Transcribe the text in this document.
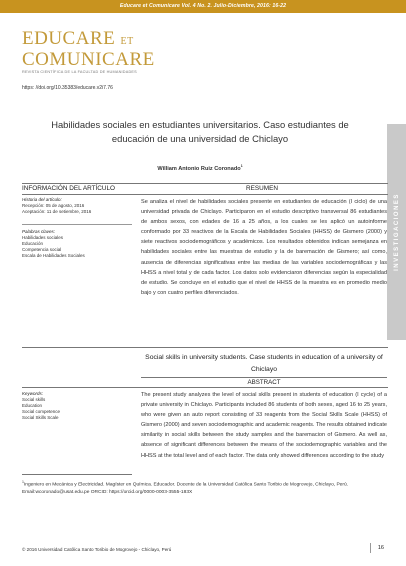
Educare et Comunicare Vol. 4 No. 2. Julio-Diciembre, 2016: 16-22
EDUCARE ET
COMUNICARE
REVISTA CIENTÍFICA DE LA FACULTAD DE HUMANIDADES
https: //doi.org/10.35383/educare.v2i7.76
Habilidades sociales en estudiantes universitarios. Caso estudiantes de educación de una universidad de Chiclayo
William Antonio Ruiz Coronado$^1$
INVESTIGACIONES
INFORMACIÓN DEL ARTÍCULO	RESUMEN
Historia del artículo:
Recepción: 05 de agosto, 2016
Aceptación: 11 de setiembre, 2016
Palabras claves:
Habilidades sociales
Educación
Competencia social
Escala de Habilidades Sociales
Se analiza el nivel de habilidades sociales presente en estudiantes de educación (I ciclo) de una universidad privada de Chiclayo. Participaron en el estudio descriptivo transversal 86 estudiantes de ambos sexos, con edades de 16 a 25 años, a los cuales se les aplicó un autoinforme conformado por 33 reactivos de la Escala de Habilidades Sociales (HHSS) de Gismero (2000) y siete reactivos sociodemográficos y académicos. Los resultados obtenidos indican semejanza en habilidades sociales entre las muestras de estudio y la de baremación de Gismero; así como, ausencia de diferencias significativas entre las medias de las variables sociodemográficas y las HHSS a nivel total y de cada factor. Los datos solo evidenciaron diferencias según la especialidad de estudio. Se concluye en el estudio que el nivel de HHSS de la muestra es en promedio medio bajo y con cuatro perfiles diferenciados.
Social skills in university students. Case students in education of a university of Chiclayo
ABSTRACT
Keywords:
Social skills
Education
Social competence
Social Skills Scale
The present study analyzes the level of social skills present in students of education (I cycle) of a private university in Chiclayo. Participants included 86 students of both sexes, aged 16 to 25 years, who were given an auto report consisting of 33 reagents from the Social Skills Scale (HHSS) of Gismero (2000) and seven sociodemographic and academic reagents. The results obtained indicate similarity in social skills between the study samples and the baremacion of Gismero. As well as, absence of significant differences between the means of the sociodemographic variables and the HHSS at the total level and of each factor. The data only showed differences according to the study
$^1$Ingeniero en Mecánica y Electricidad. Magíster en Química. Educador. Docente de la Universidad Católica Santo Toribio de Mogrovejo, Chiclayo, Perú. Email:wcoronado@usat.edu.pe ORCID: https://orcid.org/0000-0003-3555-183X
© 2016 Universidad Católica Santo Toribio de Mogrovejo - Chiclayo, Perú	16
